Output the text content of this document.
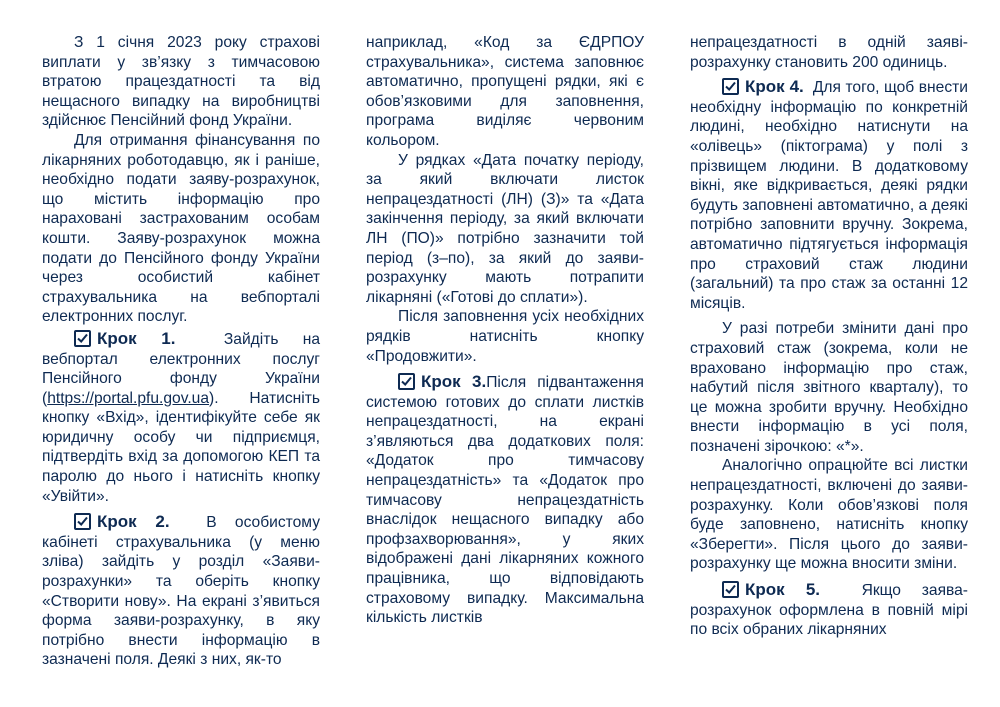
З 1 січня 2023 року страхові виплати у зв’язку з тимчасовою втратою працездатності та від нещасного випадку на виробництві здійснює Пенсійний фонд України.

Для отримання фінансування по лікарняних роботодавцю, як і раніше, необхідно подати заяву-розрахунок, що містить інформацію про нараховані застрахованим особам кошти. Заяву-розрахунок можна подати до Пенсійного фонду України через особистий кабінет страхувальника на вебпорталі електронних послуг.

Крок 1.	Зайдіть на вебпортал електронних послуг Пенсійного фонду України (https://portal.pfu.gov.ua). Натисніть кнопку «Вхід», ідентифікуйте себе як юридичну особу чи підприємця, підтвердіть вхід за допомогою КЕП та паролю до нього і натисніть кнопку «Увійти».

Крок 2. В особистому кабінеті страхувальника (у меню зліва) зайдіть у розділ «Заяви-розрахунки» та оберіть кнопку «Створити нову». На екрані з’явиться форма заяви-розрахунку, в яку потрібно внести інформацію в зазначені поля. Деякі з них, як-то

наприклад, «Код за ЄДРПОУ страхувальника», система заповнює автоматично, пропущені рядки, які є обов’язковими для заповнення, програма виділяє червоним кольором.

У рядках «Дата початку періоду, за який включати листок непрацездатності (ЛН) (З)» та «Дата закінчення періоду, за який включати ЛН (ПО)» потрібно зазначити той період (з–по), за який до заяви-розрахунку мають потрапити лікарняні («Готові до сплати»).

Після заповнення усіх необхідних рядків натисніть кнопку «Продовжити».

Крок 3.Після підвантаження системою готових до сплати листків непрацездатності, на екрані з’являються два додаткових поля: «Додаток про тимчасову непрацездатність» та «Додаток про тимчасову непрацездатність внаслідок нещасного випадку або профзахворювання», у яких відображені дані лікарняних кожного працівника, що відповідають страховому випадку. Максимальна кількість листків

непрацездатності в одній заяві-розрахунку становить 200 одиниць.

Крок 4. Для того, щоб внести необхідну інформацію по конкретній людині, необхідно натиснути на «олівець» (піктограма) у полі з прізвищем людини. В додатковому вікні, яке відкривається, деякі рядки будуть заповнені автоматично, а деякі потрібно заповнити вручну. Зокрема, автоматично підтягується інформація про страховий стаж людини (загальний) та про стаж за останні 12 місяців.

У разі потреби змінити дані про страховий стаж (зокрема, коли не враховано інформацію про стаж, набутий після звітного кварталу), то це можна зробити вручну. Необхідно внести інформацію в усі поля, позначені зірочкою: «*».

Аналогічно опрацюйте всі листки непрацездатності, включені до заяви-розрахунку. Коли обов’язкові поля буде заповнено, натисніть кнопку «Зберегти». Після цього до заяви-розрахунку ще можна вносити зміни.

Крок 5.	Якщо заява-розрахунок оформлена в повній мірі по всіх обраних лікарняних
